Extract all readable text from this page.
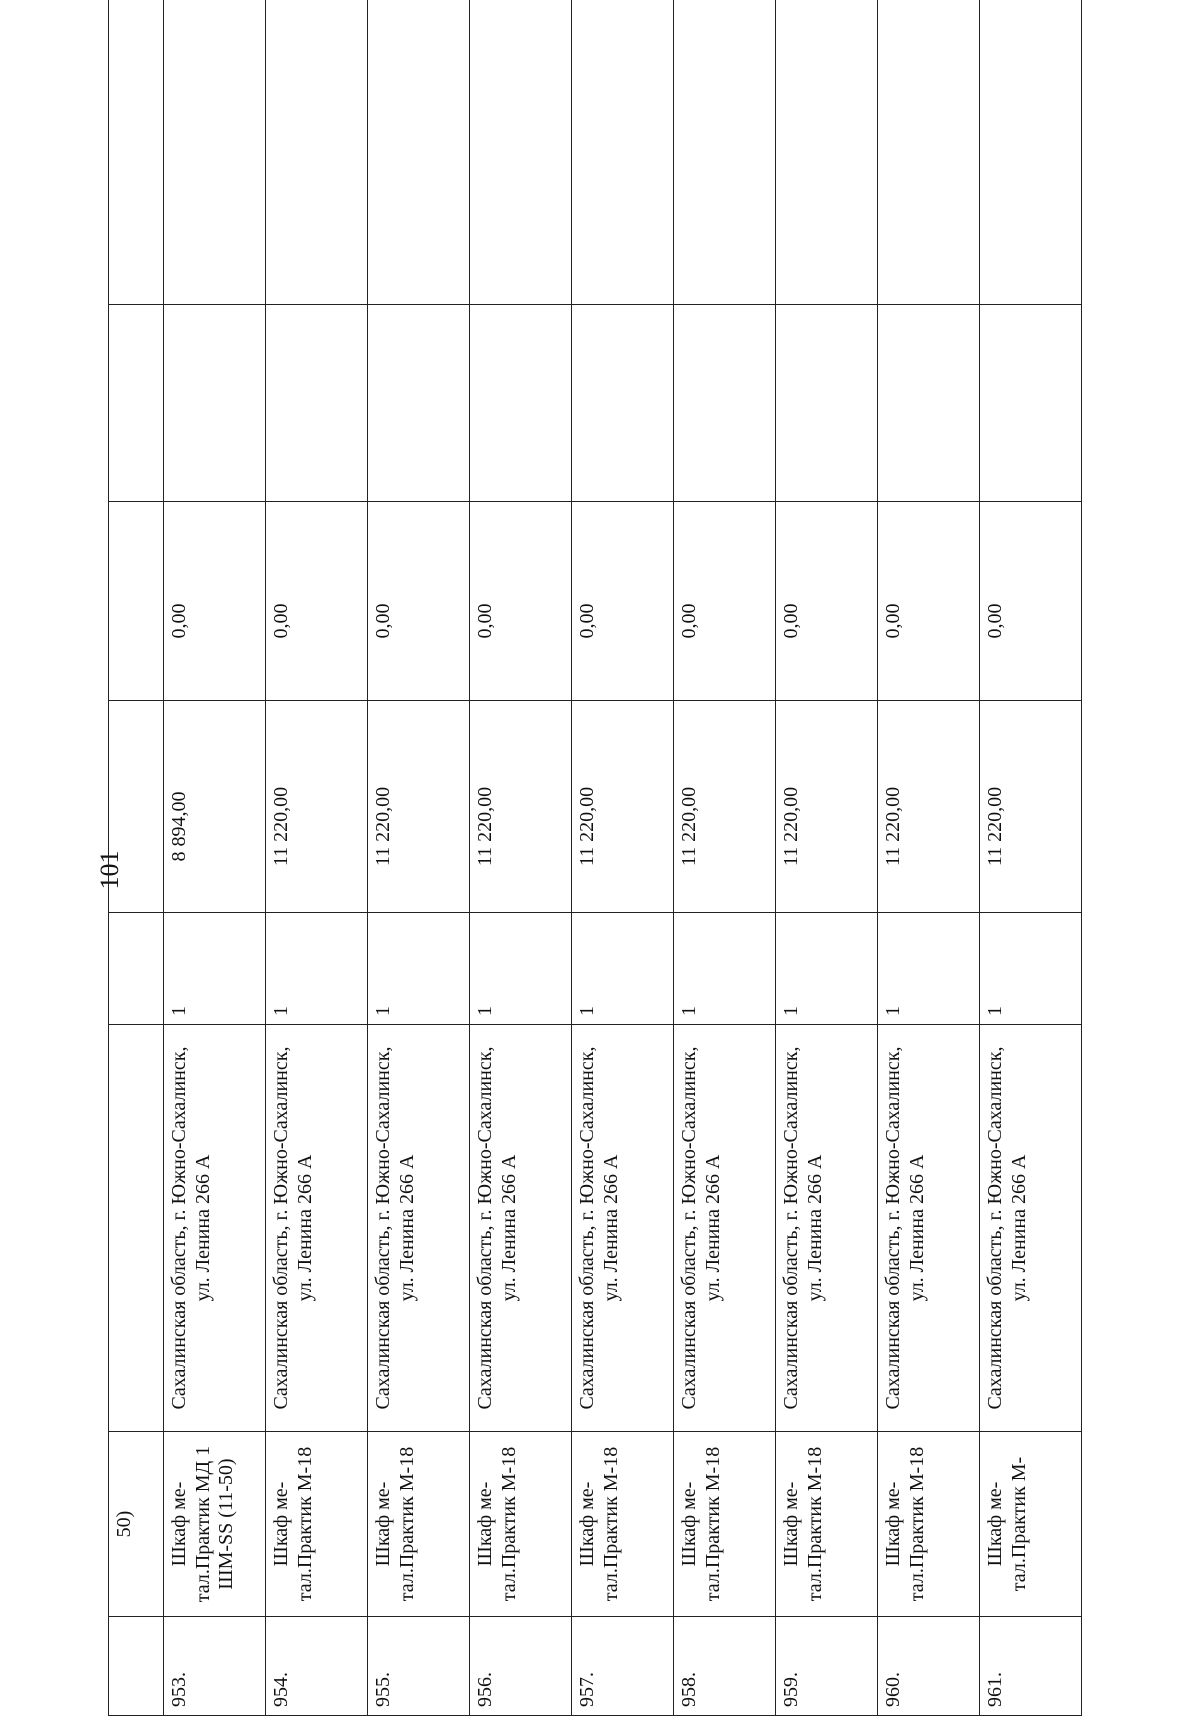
101
	50)						
953.	Шкаф ме-тал.Практик МД 1 ШМ-SS (11-50)	Сахалинская область, г. Южно-Сахалинск, ул. Ленина 266 А	1	8 894,00	0,00		
954.	Шкаф ме-тал.Практик М-18	Сахалинская область, г. Южно-Сахалинск, ул. Ленина 266 А	1	11 220,00	0,00		
955.	Шкаф ме-тал.Практик М-18	Сахалинская область, г. Южно-Сахалинск, ул. Ленина 266 А	1	11 220,00	0,00		
956.	Шкаф ме-тал.Практик М-18	Сахалинская область, г. Южно-Сахалинск, ул. Ленина 266 А	1	11 220,00	0,00		
957.	Шкаф ме-тал.Практик М-18	Сахалинская область, г. Южно-Сахалинск, ул. Ленина 266 А	1	11 220,00	0,00		
958.	Шкаф ме-тал.Практик М-18	Сахалинская область, г. Южно-Сахалинск, ул. Ленина 266 А	1	11 220,00	0,00		
959.	Шкаф ме-тал.Практик М-18	Сахалинская область, г. Южно-Сахалинск, ул. Ленина 266 А	1	11 220,00	0,00		
960.	Шкаф ме-тал.Практик М-18	Сахалинская область, г. Южно-Сахалинск, ул. Ленина 266 А	1	11 220,00	0,00		
961.	Шкаф ме-тал.Практик М-	Сахалинская область, г. Южно-Сахалинск, ул. Ленина 266 А	1	11 220,00	0,00		
